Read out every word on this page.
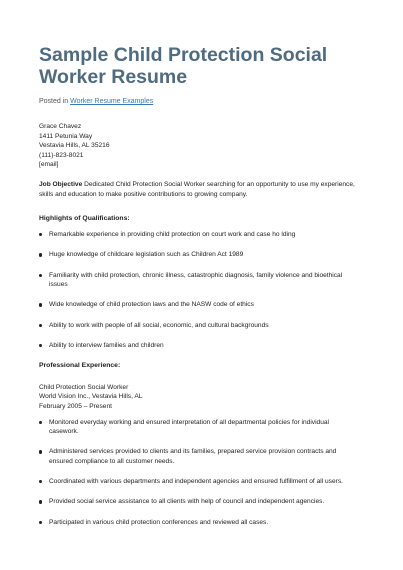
Sample Child Protection Social Worker Resume
Posted in Worker Resume Examples
Grace Chavez
1411 Petunia Way
Vestavia Hills, AL 35216
(111)-823-8021
[email]
Job Objective Dedicated Child Protection Social Worker searching for an opportunity to use my experience, skills and education to make positive contributions to growing company.
Highlights of Qualifications:
Remarkable experience in providing child protection on court work and case ho lding
Huge knowledge of childcare legislation such as Children Act 1989
Familiarity with child protection, chronic illness, catastrophic diagnosis, family violence and bioethical issues
Wide knowledge of child protection laws and the NASW code of ethics
Ability to work with people of all social, economic, and cultural backgrounds
Ability to interview families and children
Professional Experience:
Child Protection Social Worker
World Vision Inc., Vestavia Hills, AL
February 2005 – Present
Monitored everyday working and ensured interpretation of all departmental policies for individual casework.
Administered services provided to clients and its families, prepared service provision contracts and ensured compliance to all customer needs.
Coordinated with various departments and independent agencies and ensured fulfillment of all users.
Provided social service assistance to all clients with help of council and independent agencies.
Participated in various child protection conferences and reviewed all cases.
